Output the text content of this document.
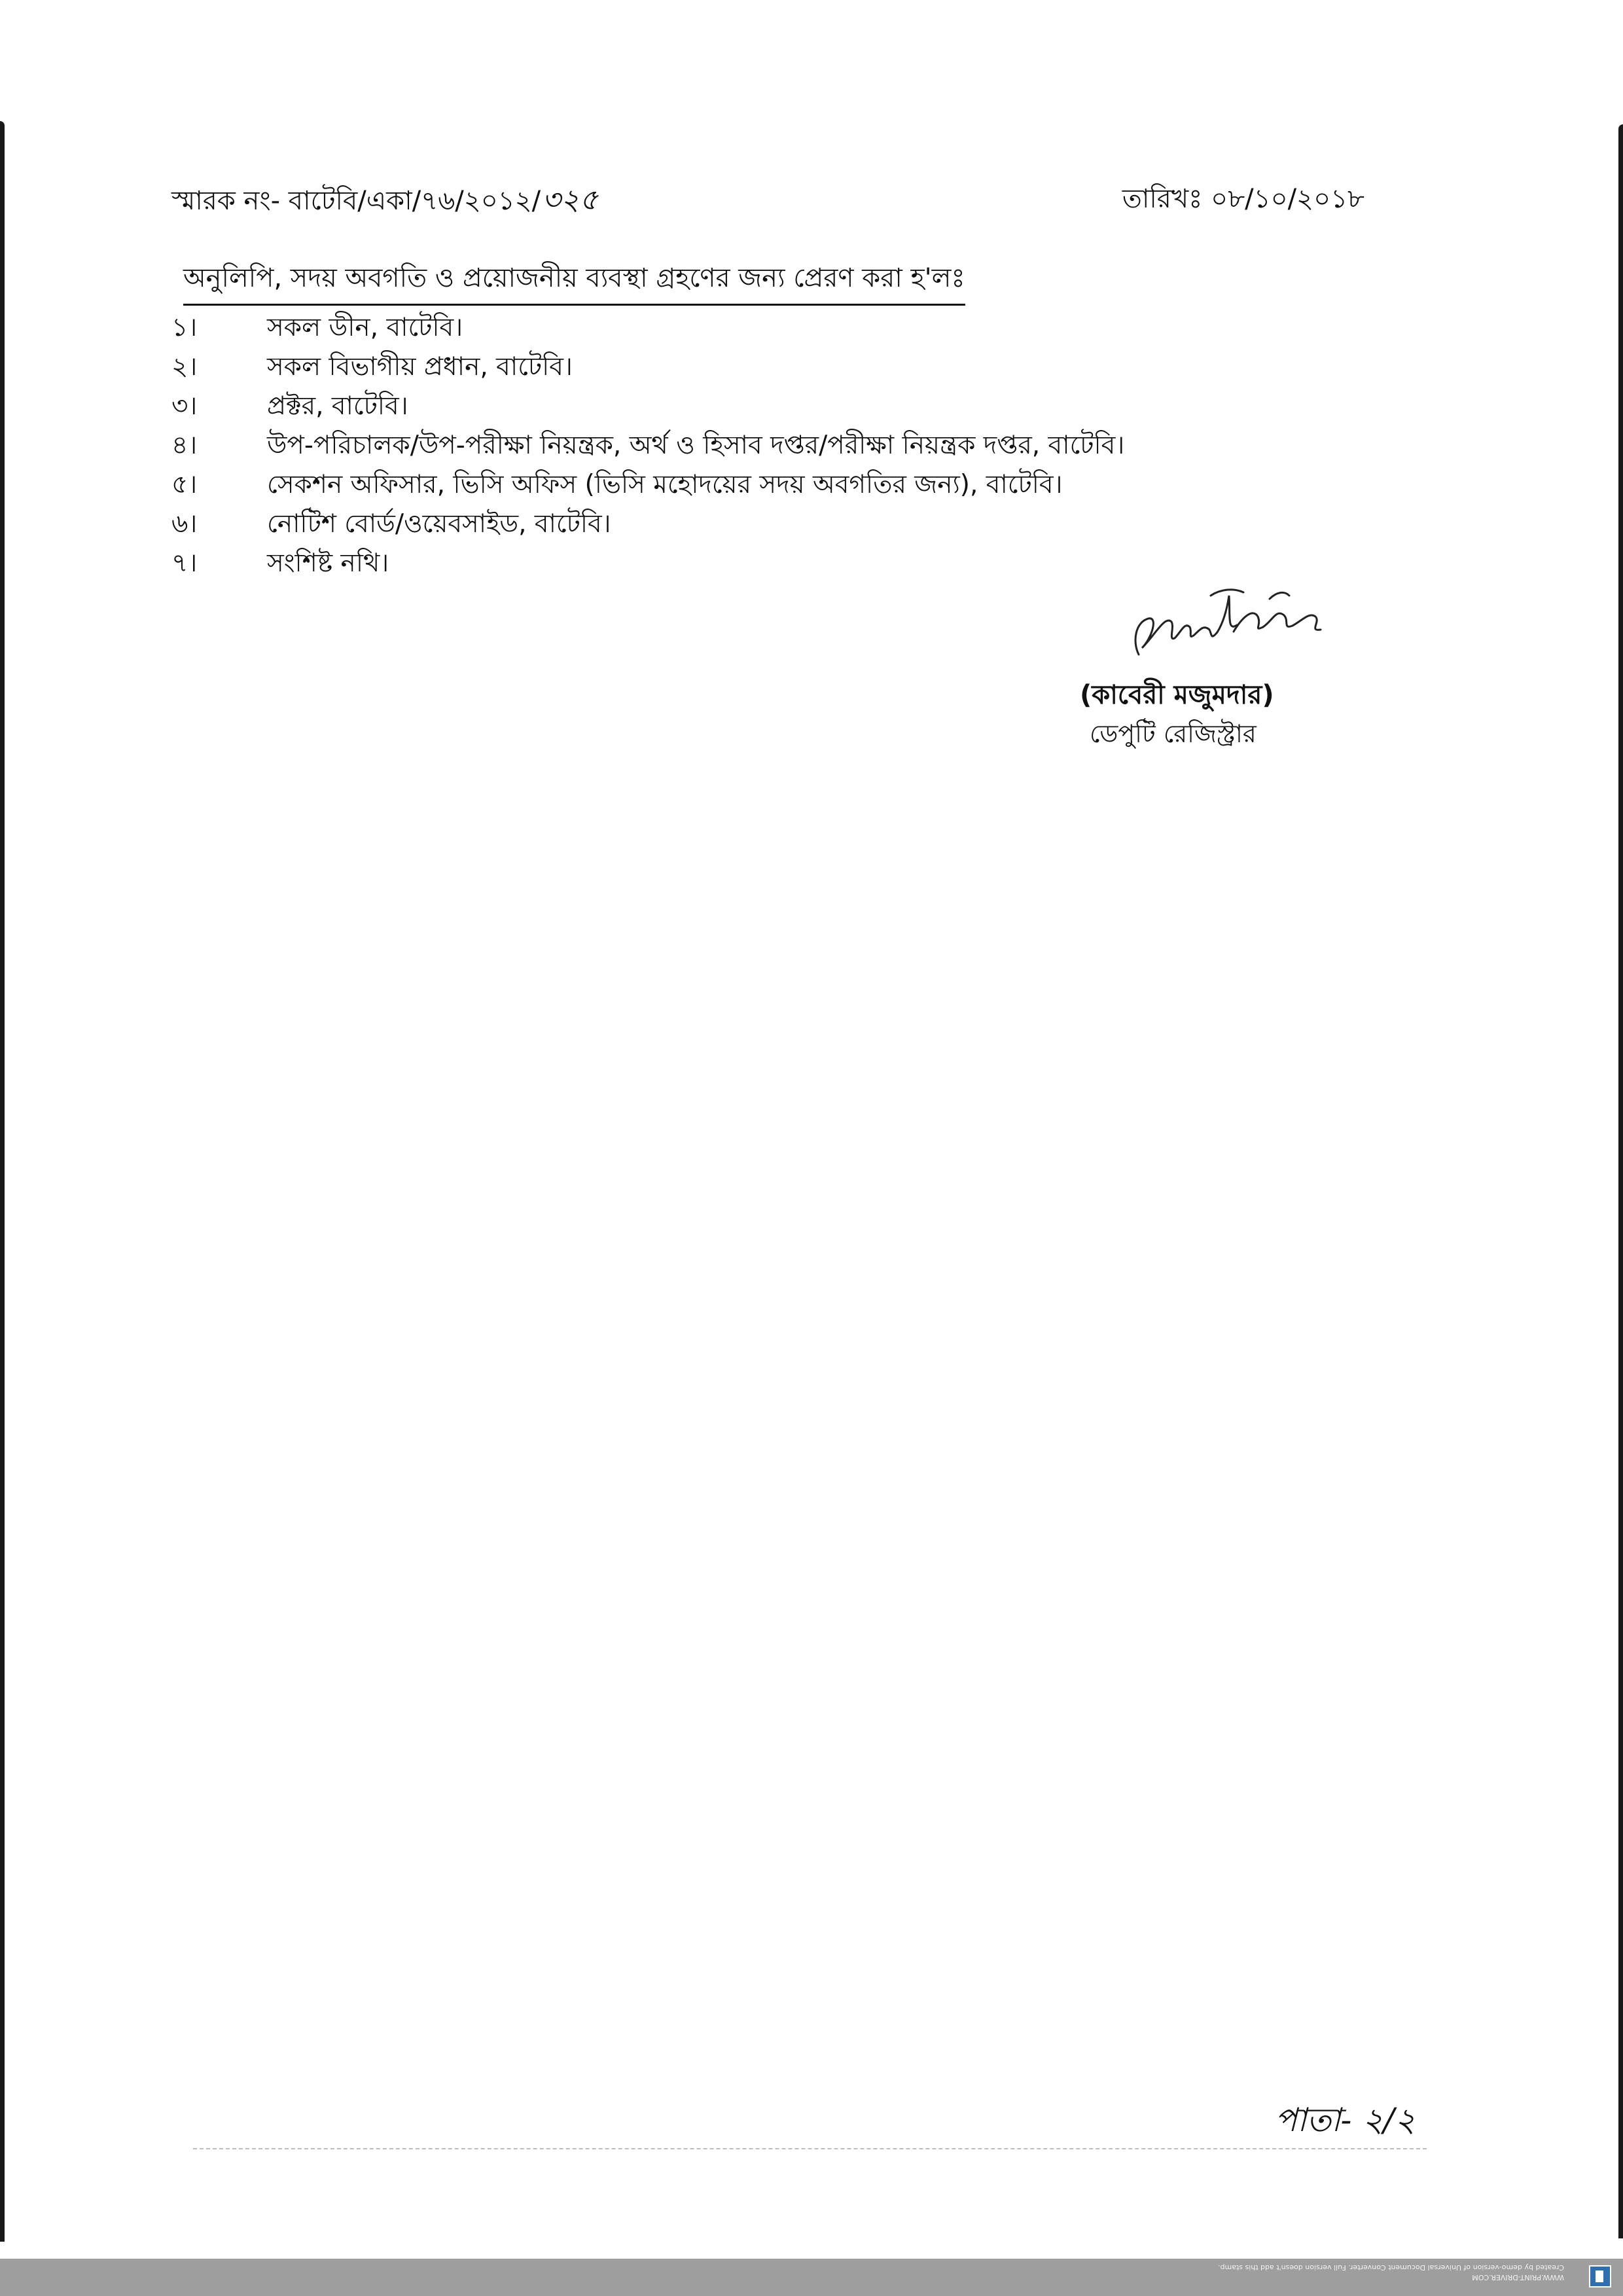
স্মারক নং- বাটেবি/একা/৭৬/২০১২/৩২৫	তারিখঃ ০৮/১০/২০১৮
অনুলিপি, সদয় অবগতি ও প্রয়োজনীয় ব্যবস্থা গ্রহণের জন্য প্রেরণ করা হ'লঃ
১।	সকল ডীন, বাটেবি।
২।	সকল বিভাগীয় প্রধান, বাটেবি।
৩।	প্রক্টর, বাটেবি।
৪।	উপ-পরিচালক/উপ-পরীক্ষা নিয়ন্ত্রক, অর্থ ও হিসাব দপ্তর/পরীক্ষা নিয়ন্ত্রক দপ্তর, বাটেবি।
৫।	সেকশন অফিসার, ভিসি অফিস (ভিসি মহোদয়ের সদয় অবগতির জন্য), বাটেবি।
৬।	নোটিশ বোর্ড/ওয়েবসাইড, বাটেবি।
৭।	সংশিষ্ট নথি।
(কাবেরী মজুমদার)
ডেপুটি রেজিস্ট্রার
পাতা- ২/২
WWW.PRINT-DRIVER.COM
Created by demo-version of Universal Document Converter. Full version doesn't add this stamp.
